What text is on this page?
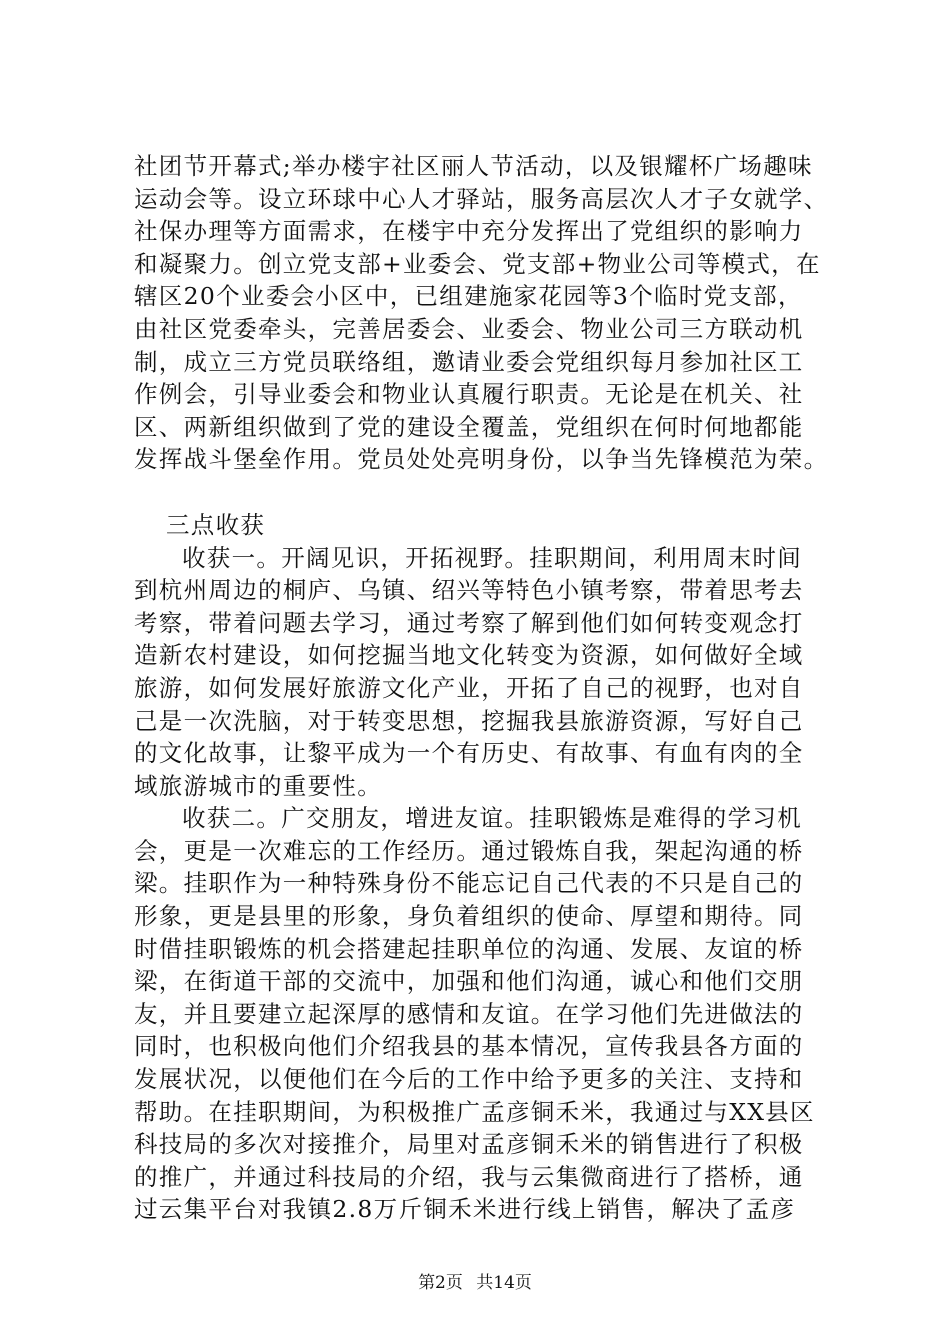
社团节开幕式;举办楼宇社区丽人节活动，以及银耀杯广场趣味
运动会等。设立环球中心人才驿站，服务高层次人才子女就学、
社保办理等方面需求，在楼宇中充分发挥出了党组织的影响力
和凝聚力。创立党支部+业委会、党支部+物业公司等模式，在
辖区20个业委会小区中，已组建施家花园等3个临时党支部，
由社区党委牵头，完善居委会、业委会、物业公司三方联动机
制，成立三方党员联络组，邀请业委会党组织每月参加社区工
作例会，引导业委会和物业认真履行职责。无论是在机关、社
区、两新组织做到了党的建设全覆盖，党组织在何时何地都能
发挥战斗堡垒作用。党员处处亮明身份，以争当先锋模范为荣。
三点收获
收获一。开阔见识，开拓视野。挂职期间，利用周末时间
到杭州周边的桐庐、乌镇、绍兴等特色小镇考察，带着思考去
考察，带着问题去学习，通过考察了解到他们如何转变观念打
造新农村建设，如何挖掘当地文化转变为资源，如何做好全域
旅游，如何发展好旅游文化产业，开拓了自己的视野，也对自
己是一次洗脑，对于转变思想，挖掘我县旅游资源，写好自己
的文化故事，让黎平成为一个有历史、有故事、有血有肉的全
域旅游城市的重要性。
收获二。广交朋友，增进友谊。挂职锻炼是难得的学习机
会，更是一次难忘的工作经历。通过锻炼自我，架起沟通的桥
梁。挂职作为一种特殊身份不能忘记自己代表的不只是自己的
形象，更是县里的形象，身负着组织的使命、厚望和期待。同
时借挂职锻炼的机会搭建起挂职单位的沟通、发展、友谊的桥
梁，在街道干部的交流中，加强和他们沟通，诚心和他们交朋
友，并且要建立起深厚的感情和友谊。在学习他们先进做法的
同时，也积极向他们介绍我县的基本情况，宣传我县各方面的
发展状况，以便他们在今后的工作中给予更多的关注、支持和
帮助。在挂职期间，为积极推广孟彦铜禾米，我通过与XX县区
科技局的多次对接推介，局里对孟彦铜禾米的销售进行了积极
的推广，并通过科技局的介绍，我与云集微商进行了搭桥，通
过云集平台对我镇2.8万斤铜禾米进行线上销售，解决了孟彦
第2页 共14页
